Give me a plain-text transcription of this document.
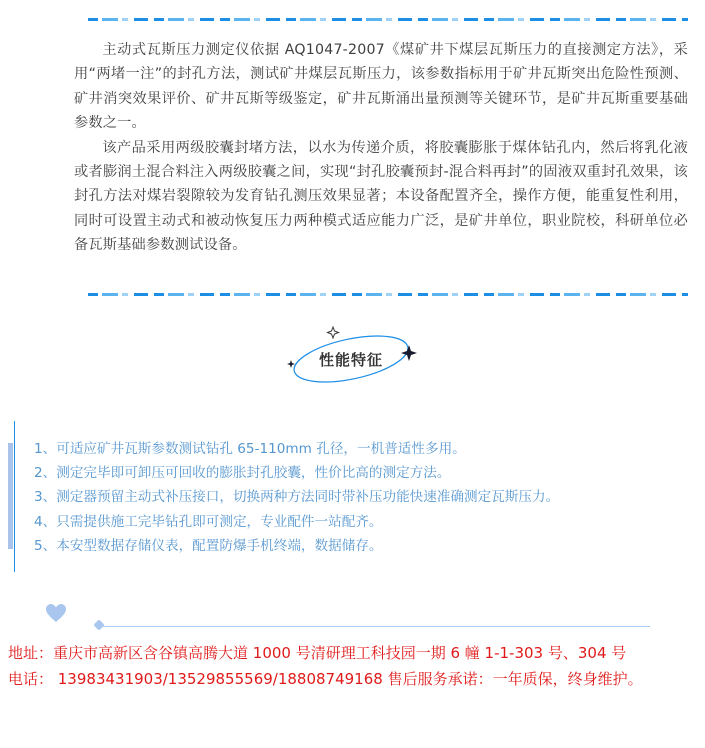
主动式瓦斯压力测定仪依据 AQ1047-2007《煤矿井下煤层瓦斯压力的直接测定方法》，采用“两堵一注”的封孔方法，测试矿井煤层瓦斯压力，该参数指标用于矿井瓦斯突出危险性预测、矿井消突效果评价、矿井瓦斯等级鉴定，矿井瓦斯涌出量预测等关键环节，是矿井瓦斯重要基础参数之一。

该产品采用两级胶囊封堵方法，以水为传递介质，将胶囊膨胀于煤体钻孔内，然后将乳化液或者膨润土混合料注入两级胶囊之间，实现“封孔胶囊预封-混合料再封”的固液双重封孔效果，该封孔方法对煤岩裂隙较为发育钻孔测压效果显著；本设备配置齐全，操作方便，能重复性利用，同时可设置主动式和被动恢复压力两种模式适应能力广泛，是矿井单位，职业院校，科研单位必备瓦斯基础参数测试设备。

性能特征
1、可适应矿井瓦斯参数测试钻孔 65-110mm 孔径，一机普适性多用。
2、测定完毕即可卸压可回收的膨胀封孔胶囊，性价比高的测定方法。
3、测定器预留主动式补压接口，切换两种方法同时带补压功能快速准确测定瓦斯压力。
4、只需提供施工完毕钻孔即可测定，专业配件一站配齐。
5、本安型数据存储仪表，配置防爆手机终端，数据储存。

地址：重庆市高新区含谷镇高腾大道 1000 号清研理工科技园一期 6 幢 1-1-303 号、304 号

电话： 13983431903/13529855569/18808749168 售后服务承诺：一年质保，终身维护。
